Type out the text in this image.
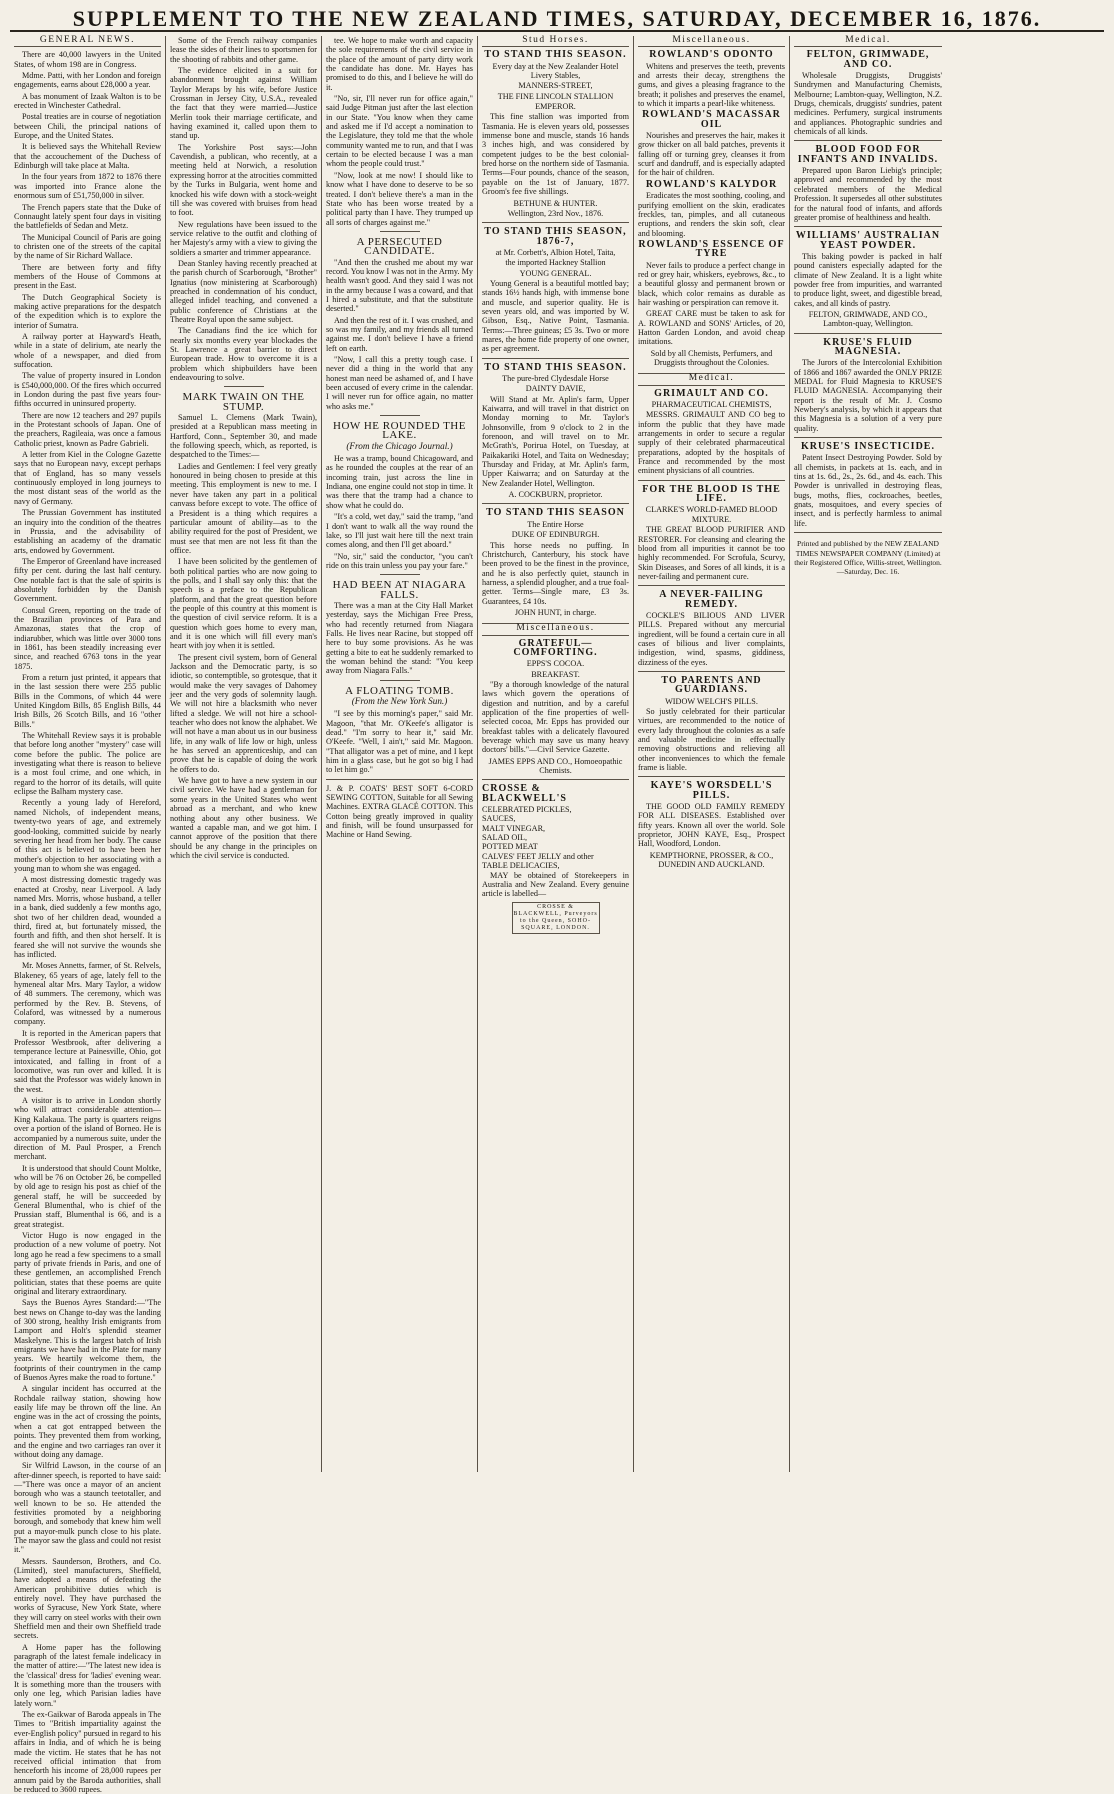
SUPPLEMENT TO THE NEW ZEALAND TIMES, SATURDAY, DECEMBER 16, 1876.
GENERAL NEWS.

There are 40,000 lawyers in the United States, of whom 198 are in Congress.

Mdme. Patti, with her London and foreign engagements, earns about £28,000 a year.

A bas monument of Izaak Walton is to be erected in Winchester Cathedral.

Postal treaties are in course of negotiation between Chili, the principal nations of Europe, and the United States.

It is believed says the Whitehall Review that the accouchement of the Duchess of Edinburgh will take place at Malta.

In the four years from 1872 to 1876 there was imported into France alone the enormous sum of £51,750,000 in silver.

The French papers state that the Duke of Connaught lately spent four days in visiting the battlefields of Sedan and Metz.

The Municipal Council of Paris are going to christen one of the streets of the capital by the name of Sir Richard Wallace.

There are between forty and fifty members of the House of Commons at present in the East.

The Dutch Geographical Society is making active preparations for the despatch of the expedition which is to explore the interior of Sumatra.

A railway porter at Hayward's Heath, while in a state of delirium, ate nearly the whole of a newspaper, and died from suffocation.

The value of property insured in London is £540,000,000. Of the fires which occurred in London during the past five years four-fifths occurred in uninsured property.

There are now 12 teachers and 297 pupils in the Protestant schools of Japan. One of the preachers, Ragileaia, was once a famous Catholic priest, known as Padre Gabrieli.

A letter from Kiel in the Cologne Gazette says that no European navy, except perhaps that of England, has so many vessels continuously employed in long journeys to the most distant seas of the world as the navy of Germany.

The Prussian Government has instituted an inquiry into the condition of the theatres in Prussia, and the advisability of establishing an academy of the dramatic arts, endowed by Government.

The Emperor of Greenland have increased fifty per cent. during the last half century. One notable fact is that the sale of spirits is absolutely forbidden by the Danish Government.

Consul Green, reporting on the trade of the Brazilian provinces of Para and Amazonas, states that the crop of indiarubber, which was little over 3000 tons in 1861, has been steadily increasing ever since, and reached 6763 tons in the year 1875.

From a return just printed, it appears that in the last session there were 255 public Bills in the Commons, of which 44 were United Kingdom Bills, 85 English Bills, 44 Irish Bills, 26 Scotch Bills, and 16 "other Bills."

The Whitehall Review says it is probable that before long another "mystery" case will come before the public. The police are investigating what there is reason to believe is a most foul crime, and one which, in regard to the horror of its details, will quite eclipse the Balham mystery case.

Recently a young lady of Hereford, named Nichols, of independent means, twenty-two years of age, and extremely good-looking, committed suicide by nearly severing her head from her body. The cause of this act is believed to have been her mother's objection to her associating with a young man to whom she was engaged.

A most distressing domestic tragedy was enacted at Crosby, near Liverpool. A lady named Mrs. Morris, whose husband, a teller in a bank, died suddenly a few months ago, shot two of her children dead, wounded a third, fired at, but fortunately missed, the fourth and fifth, and then shot herself. It is feared she will not survive the wounds she has inflicted.

Mr. Moses Annetts, farmer, of St. Relvels, Blakeney, 65 years of age, lately fell to the hymeneal altar Mrs. Mary Taylor, a widow of 48 summers. The ceremony, which was performed by the Rev. B. Stevens, of Colaford, was witnessed by a numerous company.

It is reported in the American papers that Professor Westbrook, after delivering a temperance lecture at Painesville, Ohio, got intoxicated, and falling in front of a locomotive, was run over and killed. It is said that the Professor was widely known in the west.

A visitor is to arrive in London shortly who will attract considerable attention—King Kalakaua. The party is quarters reigns over a portion of the island of Borneo. He is accompanied by a numerous suite, under the direction of M. Paul Prosper, a French merchant.

It is understood that should Count Moltke, who will be 76 on October 26, be compelled by old age to resign his post as chief of the general staff, he will be succeeded by General Blumenthal, who is chief of the Prussian staff, Blumenthal is 66, and is a great strategist.

Victor Hugo is now engaged in the production of a new volume of poetry. Not long ago he read a few specimens to a small party of private friends in Paris, and one of these gentlemen, an accomplished French politician, states that these poems are quite original and literary extraordinary.

Says the Buenos Ayres Standard:—"The best news on Change to-day was the landing of 300 strong, healthy Irish emigrants from Lamport and Holt's splendid steamer Maskelyne. This is the largest batch of Irish emigrants we have had in the Plate for many years. We heartily welcome them, the footprints of their countrymen in the camp of Buenos Ayres make the road to fortune."

A singular incident has occurred at the Rochdale railway station, showing how easily life may be thrown off the line. An engine was in the act of crossing the points, when a cat got entrapped between the points. They prevented them from working, and the engine and two carriages ran over it without doing any damage.

Sir Wilfrid Lawson, in the course of an after-dinner speech, is reported to have said:—"There was once a mayor of an ancient borough who was a staunch teetotaller, and well known to be so. He attended the festivities promoted by a neighboring borough, and somebody that knew him well put a mayor-mulk punch close to his plate. The mayor saw the glass and could not resist it."

Messrs. Saunderson, Brothers, and Co. (Limited), steel manufacturers, Sheffield, have adopted a means of defeating the American prohibitive duties which is entirely novel. They have purchased the works of Syracuse, New York State, where they will carry on steel works with their own Sheffield men and their own Sheffield trade secrets.

A Home paper has the following paragraph of the latest female indelicacy in the matter of attire:—"The latest new idea is the 'classical' dress for 'ladies' evening wear. It is something more than the trousers with only one leg, which Parisian ladies have lately worn."

The ex-Gaikwar of Baroda appeals in The Times to "British impartiality against the ever-English policy" pursued in regard to his affairs in India, and of which he is being made the victim. He states that he has not received official intimation that from henceforth his income of 28,000 rupees per annum paid by the Baroda authorities, shall be reduced to 3600 rupees.

Some of the French railway companies lease the sides of their lines to sportsmen for the shooting of rabbits and other game.

The evidence elicited in a suit for abandonment brought against William Taylor Meraps by his wife, before Justice Crossman in Jersey City, U.S.A., revealed the fact that they were married—Justice Merlin took their marriage certificate, and having examined it, called upon them to stand up.

The Yorkshire Post says:—John Cavendish, a publican, who recently, at a meeting held at Norwich, a resolution expressing horror at the atrocities committed by the Turks in Bulgaria, went home and knocked his wife down with a stock-weight till she was covered with bruises from head to foot.

New regulations have been issued to the service relative to the outfit and clothing of her Majesty's army with a view to giving the soldiers a smarter and trimmer appearance.

Dean Stanley having recently preached at the parish church of Scarborough, "Brother" Ignatius (now ministering at Scarborough) preached in condemnation of his conduct, alleged infidel teaching, and convened a public conference of Christians at the Theatre Royal upon the same subject.

The Canadians find the ice which for nearly six months every year blockades the St. Lawrence a great barrier to direct European trade. How to overcome it is a problem which shipbuilders have been endeavouring to solve.

MARK TWAIN ON THE STUMP.

Samuel L. Clemens (Mark Twain), presided at a Republican mass meeting in Hartford, Conn., September 30, and made the following speech, which, as reported, is despatched to the Times:—

Ladies and Gentlemen: I feel very greatly honoured in being chosen to preside at this meeting. This employment is new to me. I never have taken any part in a political canvass before except to vote. The office of a President is a thing which requires a particular amount of ability—as to the ability required for the post of President, we must see that men are not less fit than the office.

I have been solicited by the gentlemen of both political parties who are now going to the polls, and I shall say only this: that the speech is a preface to the Republican platform, and that the great question before the people of this country at this moment is the question of civil service reform. It is a question which goes home to every man, and it is one which will fill every man's heart with joy when it is settled.

The present civil system, born of General Jackson and the Democratic party, is so idiotic, so contemptible, so grotesque, that it would make the very savages of Dahomey jeer and the very gods of solemnity laugh. We will not hire a blacksmith who never lifted a sledge. We will not hire a school-teacher who does not know the alphabet. We will not have a man about us in our business life, in any walk of life low or high, unless he has served an apprenticeship, and can prove that he is capable of doing the work he offers to do.

We have got to have a new system in our civil service. We have had a gentleman for some years in the United States who went abroad as a merchant, and who knew nothing about any other business. We wanted a capable man, and we got him. I cannot approve of the position that there should be any change in the principles on which the civil service is conducted.

tee. We hope to make worth and capacity the sole requirements of the civil service in the place of the amount of party dirty work the candidate has done. Mr. Hayes has promised to do this, and I believe he will do it.

"No, sir, I'll never run for office again," said Judge Pitman just after the last election in our State. "You know when they came and asked me if I'd accept a nomination to the Legislature, they told me that the whole community wanted me to run, and that I was certain to be elected because I was a man whom the people could trust."

"Now, look at me now! I should like to know what I have done to deserve to be so treated. I don't believe there's a man in the State who has been worse treated by a political party than I have. They trumped up all sorts of charges against me."

A PERSECUTED CANDIDATE.

"And then the crushed me about my war record. You know I was not in the Army. My health wasn't good. And they said I was not in the army because I was a coward, and that I hired a substitute, and that the substitute deserted."

And then the rest of it. I was crushed, and so was my family, and my friends all turned against me. I don't believe I have a friend left on earth.

"Now, I call this a pretty tough case. I never did a thing in the world that any honest man need be ashamed of, and I have been accused of every crime in the calendar. I will never run for office again, no matter who asks me."

HOW HE ROUNDED THE LAKE.
(From the Chicago Journal.)

He was a tramp, bound Chicagoward, and as he rounded the couples at the rear of an incoming train, just across the line in Indiana, one engine could not stop in time. It was there that the tramp had a chance to show what he could do.

"It's a cold, wet day," said the tramp, "and I don't want to walk all the way round the lake, so I'll just wait here till the next train comes along, and then I'll get aboard."

"No, sir," said the conductor, "you can't ride on this train unless you pay your fare."

HAD BEEN AT NIAGARA FALLS.

There was a man at the City Hall Market yesterday, says the Michigan Free Press, who had recently returned from Niagara Falls. He lives near Racine, but stopped off here to buy some provisions. As he was getting a bite to eat he suddenly remarked to the woman behind the stand: "You keep away from Niagara Falls."

A FLOATING TOMB.
(From the New York Sun.)

"I see by this morning's paper," said Mr. Magoon, "that Mr. O'Keefe's alligator is dead." "I'm sorry to hear it," said Mr. O'Keefe. "Well, I ain't," said Mr. Magoon. "That alligator was a pet of mine, and I kept him in a glass case, but he got so big I had to let him go."

J. & P. COATS' BEST SOFT 6-CORD SEWING COTTON, Suitable for all Sewing Machines. EXTRA GLACÉ COTTON. This Cotton being greatly improved in quality and finish, will be found unsurpassed for Machine or Hand Sewing.

Stud Horses.
TO STAND THIS SEASON.
Every day at the New Zealander Hotel Livery Stables,
MANNERS-STREET,
THE FINE LINCOLN STALLION
EMPEROR.

This fine stallion was imported from Tasmania. He is eleven years old, possesses immense bone and muscle, stands 16 hands 3 inches high, and was considered by competent judges to be the best colonial-bred horse on the northern side of Tasmania. Terms—Four pounds, chance of the season, payable on the 1st of January, 1877. Groom's fee five shillings.

BETHUNE & HUNTER.
Wellington, 23rd Nov., 1876.
TO STAND THIS SEASON, 1876-7,
at Mr. Corbett's, Albion Hotel, Taita,
the imported Hackney Stallion
YOUNG GENERAL.

Young General is a beautiful mottled bay; stands 16½ hands high, with immense bone and muscle, and superior quality. He is seven years old, and was imported by W. Gibson, Esq., Native Point, Tasmania. Terms:—Three guineas; £5 3s. Two or more mares, the home fide property of one owner, as per agreement.

TO STAND THIS SEASON.
The pure-bred Clydesdale Horse
DAINTY DAVIE,

Will Stand at Mr. Aplin's farm, Upper Kaiwarra, and will travel in that district on Monday morning to Mr. Taylor's Johnsonville, from 9 o'clock to 2 in the forenoon, and will travel on to Mr. McGrath's, Porirua Hotel, on Tuesday, at Paikakariki Hotel, and Taita on Wednesday; Thursday and Friday, at Mr. Aplin's farm, Upper Kaiwarra; and on Saturday at the New Zealander Hotel, Wellington.

A. COCKBURN, proprietor.
TO STAND THIS SEASON
The Entire Horse
DUKE OF EDINBURGH.

This horse needs no puffing. In Christchurch, Canterbury, his stock have been proved to be the finest in the province, and he is also perfectly quiet, staunch in harness, a splendid plougher, and a true foal-getter. Terms—Single mare, £3 3s. Guarantees, £4 10s.

JOHN HUNT, in charge.
Miscellaneous.
GRATEFUL—COMFORTING.
EPPS'S COCOA.
BREAKFAST.

"By a thorough knowledge of the natural laws which govern the operations of digestion and nutrition, and by a careful application of the fine properties of well-selected cocoa, Mr. Epps has provided our breakfast tables with a delicately flavoured beverage which may save us many heavy doctors' bills."—Civil Service Gazette.

JAMES EPPS AND CO., Homoeopathic Chemists.
CROSSE & BLACKWELL'S
CELEBRATED PICKLES,
SAUCES,
MALT VINEGAR,
SALAD OIL,
POTTED MEAT
CALVES' FEET JELLY and other
TABLE DELICACIES,

MAY be obtained of Storekeepers in Australia and New Zealand. Every genuine article is labelled—

CROSSE & BLACKWELL, Purveyors to the Queen, SOHO-SQUARE, LONDON.
Miscellaneous.
ROWLAND'S ODONTO

Whitens and preserves the teeth, prevents and arrests their decay, strengthens the gums, and gives a pleasing fragrance to the breath; it polishes and preserves the enamel, to which it imparts a pearl-like whiteness.

ROWLAND'S MACASSAR OIL

Nourishes and preserves the hair, makes it grow thicker on all bald patches, prevents it falling off or turning grey, cleanses it from scurf and dandruff, and is especially adapted for the hair of children.

ROWLAND'S KALYDOR

Eradicates the most soothing, cooling, and purifying emollient on the skin, eradicates freckles, tan, pimples, and all cutaneous eruptions, and renders the skin soft, clear and blooming.

ROWLAND'S ESSENCE OF TYRE

Never fails to produce a perfect change in red or grey hair, whiskers, eyebrows, &c., to a beautiful glossy and permanent brown or black, which color remains as durable as hair washing or perspiration can remove it.

GREAT CARE must be taken to ask for A. ROWLAND and SONS' Articles, of 20, Hatton Garden London, and avoid cheap imitations.

Sold by all Chemists, Perfumers, and Druggists throughout the Colonies.
Medical.
GRIMAULT AND CO.
PHARMACEUTICAL CHEMISTS,

MESSRS. GRIMAULT AND CO beg to inform the public that they have made arrangements in order to secure a regular supply of their celebrated pharmaceutical preparations, adopted by the hospitals of France and recommended by the most eminent physicians of all countries.

FOR THE BLOOD IS THE LIFE.
CLARKE'S WORLD-FAMED BLOOD MIXTURE.

THE GREAT BLOOD PURIFIER AND RESTORER. For cleansing and clearing the blood from all impurities it cannot be too highly recommended. For Scrofula, Scurvy, Skin Diseases, and Sores of all kinds, it is a never-failing and permanent cure.

A NEVER-FAILING REMEDY.

COCKLE'S BILIOUS AND LIVER PILLS. Prepared without any mercurial ingredient, will be found a certain cure in all cases of bilious and liver complaints, indigestion, wind, spasms, giddiness, dizziness of the eyes.

TO PARENTS AND GUARDIANS.
WIDOW WELCH'S PILLS.

So justly celebrated for their particular virtues, are recommended to the notice of every lady throughout the colonies as a safe and valuable medicine in effectually removing obstructions and relieving all other inconveniences to which the female frame is liable.

KAYE'S WORSDELL'S PILLS.

THE GOOD OLD FAMILY REMEDY FOR ALL DISEASES. Established over fifty years. Known all over the world. Sole proprietor, JOHN KAYE, Esq., Prospect Hall, Woodford, London.

KEMPTHORNE, PROSSER, & CO., DUNEDIN AND AUCKLAND.
Medical.
FELTON, GRIMWADE, AND CO.

Wholesale Druggists, Druggists' Sundrymen and Manufacturing Chemists, Melbourne; Lambton-quay, Wellington, N.Z. Drugs, chemicals, druggists' sundries, patent medicines. Perfumery, surgical instruments and appliances. Photographic sundries and chemicals of all kinds.

BLOOD FOOD FOR INFANTS AND INVALIDS.

Prepared upon Baron Liebig's principle; approved and recommended by the most celebrated members of the Medical Profession. It supersedes all other substitutes for the natural food of infants, and affords greater promise of healthiness and health.

WILLIAMS' AUSTRALIAN YEAST POWDER.

This baking powder is packed in half pound canisters especially adapted for the climate of New Zealand. It is a light white powder free from impurities, and warranted to produce light, sweet, and digestible bread, cakes, and all kinds of pastry.

FELTON, GRIMWADE, AND CO., Lambton-quay, Wellington.
KRUSE'S FLUID MAGNESIA.

The Jurors of the Intercolonial Exhibition of 1866 and 1867 awarded the ONLY PRIZE MEDAL for Fluid Magnesia to KRUSE'S FLUID MAGNESIA. Accompanying their report is the result of Mr. J. Cosmo Newbery's analysis, by which it appears that this Magnesia is a solution of a very pure quality.

KRUSE'S INSECTICIDE.

Patent Insect Destroying Powder. Sold by all chemists, in packets at 1s. each, and in tins at 1s. 6d., 2s., 2s. 6d., and 4s. each. This Powder is unrivalled in destroying fleas, bugs, moths, flies, cockroaches, beetles, gnats, mosquitoes, and every species of insect, and is perfectly harmless to animal life.

Printed and published by the NEW ZEALAND TIMES NEWSPAPER COMPANY (Limited) at their Registered Office, Willis-street, Wellington.—Saturday, Dec. 16.
